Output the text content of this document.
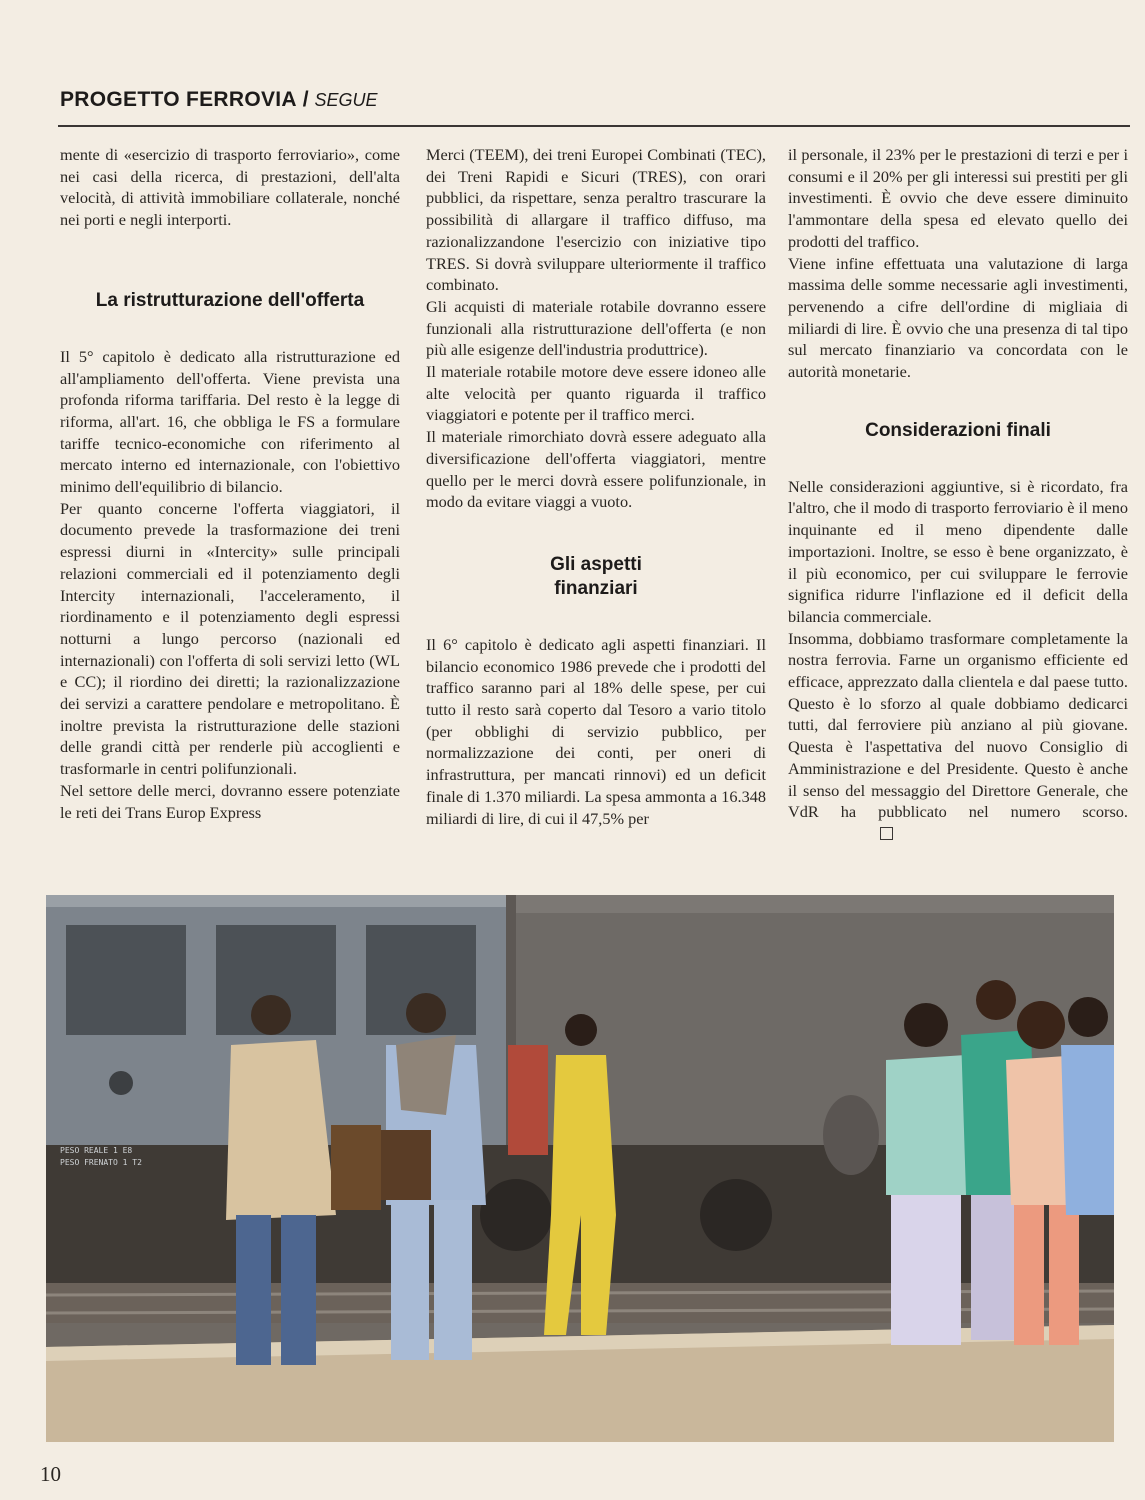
PROGETTO FERROVIA / SEGUE

mente di «esercizio di trasporto ferroviario», come nei casi della ricerca, di prestazioni, dell'alta velocità, di attività immobiliare collaterale, nonché nei porti e negli interporti.

La ristrutturazione dell'offerta

Il 5° capitolo è dedicato alla ristrutturazione ed all'ampliamento dell'offerta. Viene prevista una profonda riforma tariffaria. Del resto è la legge di riforma, all'art. 16, che obbliga le FS a formulare tariffe tecnico-economiche con riferimento al mercato interno ed internazionale, con l'obiettivo minimo dell'equilibrio di bilancio.

Per quanto concerne l'offerta viaggiatori, il documento prevede la trasformazione dei treni espressi diurni in «Intercity» sulle principali relazioni commerciali ed il potenziamento degli Intercity internazionali, l'acceleramento, il riordinamento e il potenziamento degli espressi notturni a lungo percorso (nazionali ed internazionali) con l'offerta di soli servizi letto (WL e CC); il riordino dei diretti; la razionalizzazione dei servizi a carattere pendolare e metropolitano. È inoltre prevista la ristrutturazione delle stazioni delle grandi città per renderle più accoglienti e trasformarle in centri polifunzionali.

Nel settore delle merci, dovranno essere potenziate le reti dei Trans Europ Express

Merci (TEEM), dei treni Europei Combinati (TEC), dei Treni Rapidi e Sicuri (TRES), con orari pubblici, da rispettare, senza peraltro trascurare la possibilità di allargare il traffico diffuso, ma razionalizzandone l'esercizio con iniziative tipo TRES. Si dovrà sviluppare ulteriormente il traffico combinato.

Gli acquisti di materiale rotabile dovranno essere funzionali alla ristrutturazione dell'offerta (e non più alle esigenze dell'industria produttrice).

Il materiale rotabile motore deve essere idoneo alle alte velocità per quanto riguarda il traffico viaggiatori e potente per il traffico merci.

Il materiale rimorchiato dovrà essere adeguato alla diversificazione dell'offerta viaggiatori, mentre quello per le merci dovrà essere polifunzionale, in modo da evitare viaggi a vuoto.

Gli aspetti finanziari

Il 6° capitolo è dedicato agli aspetti finanziari. Il bilancio economico 1986 prevede che i prodotti del traffico saranno pari al 18% delle spese, per cui tutto il resto sarà coperto dal Tesoro a vario titolo (per obblighi di servizio pubblico, per normalizzazione dei conti, per oneri di infrastruttura, per mancati rinnovi) ed un deficit finale di 1.370 miliardi. La spesa ammonta a 16.348 miliardi di lire, di cui il 47,5% per

il personale, il 23% per le prestazioni di terzi e per i consumi e il 20% per gli interessi sui prestiti per gli investimenti. È ovvio che deve essere diminuito l'ammontare della spesa ed elevato quello dei prodotti del traffico.

Viene infine effettuata una valutazione di larga massima delle somme necessarie agli investimenti, pervenendo a cifre dell'ordine di migliaia di miliardi di lire. È ovvio che una presenza di tal tipo sul mercato finanziario va concordata con le autorità monetarie.

Considerazioni finali

Nelle considerazioni aggiuntive, si è ricordato, fra l'altro, che il modo di trasporto ferroviario è il meno inquinante ed il meno dipendente dalle importazioni. Inoltre, se esso è bene organizzato, è il più economico, per cui sviluppare le ferrovie significa ridurre l'inflazione ed il deficit della bilancia commerciale.

Insomma, dobbiamo trasformare completamente la nostra ferrovia. Farne un organismo efficiente ed efficace, apprezzato dalla clientela e dal paese tutto. Questo è lo sforzo al quale dobbiamo dedicarci tutti, dal ferroviere più anziano al più giovane. Questa è l'aspettativa del nuovo Consiglio di Amministrazione e del Presidente. Questo è anche il senso del messaggio del Direttore Generale, che VdR ha pubblicato nel numero scorso.

PESO REALE 1 E8
PESO FRENATO 1 T2
10
